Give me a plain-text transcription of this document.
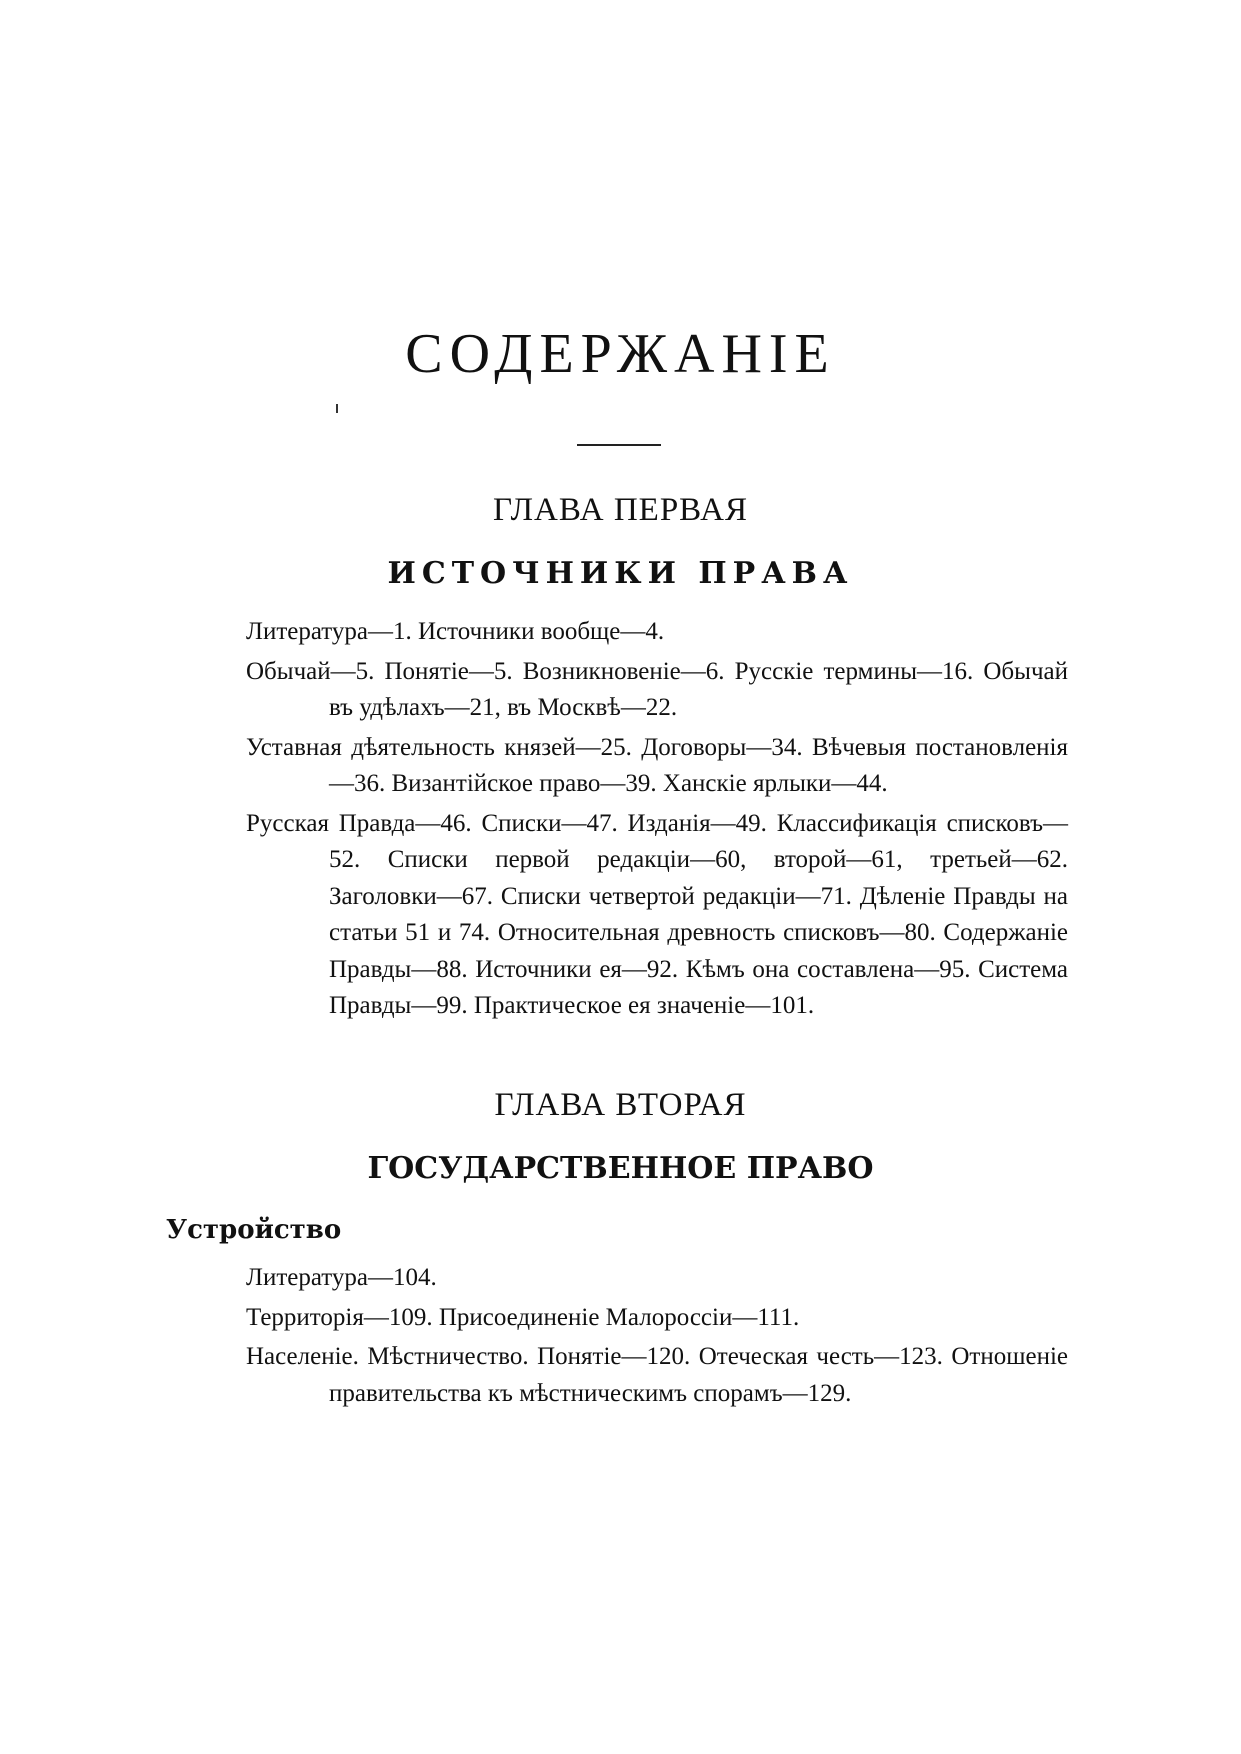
СОДЕРЖАНІЕ
ГЛАВА ПЕРВАЯ
ИСТОЧНИКИ ПРАВА

Литература—1. Источники вообще—4.

Обычай—5. Понятіе—5. Возникновеніе—6. Русскіе термины—16. Обычай въ удѣлахъ—21, въ Москвѣ—22.

Уставная дѣятельность князей—25. Договоры—34. Вѣчевыя постановленія—36. Византійское право—39. Ханскіе ярлыки—44.

Русская Правда—46. Списки—47. Изданія—49. Классификація списковъ—52. Списки первой редакціи—60, второй—61, третьей—62. Заголовки—67. Списки четвертой редакціи—71. Дѣленіе Правды на статьи 51 и 74. Относительная древность списковъ—80. Содержаніе Правды—88. Источники ея—92. Кѣмъ она составлена—95. Система Правды—99. Практическое ея значеніе—101.

ГЛАВА ВТОРАЯ
ГОСУДАРСТВЕННОЕ ПРАВО
Устройство

Литература—104.

Территорія—109. Присоединеніе Малороссіи—111.

Населеніе. Мѣстничество. Понятіе—120. Отеческая честь—123. Отношеніе правительства къ мѣстническимъ спорамъ—129.
